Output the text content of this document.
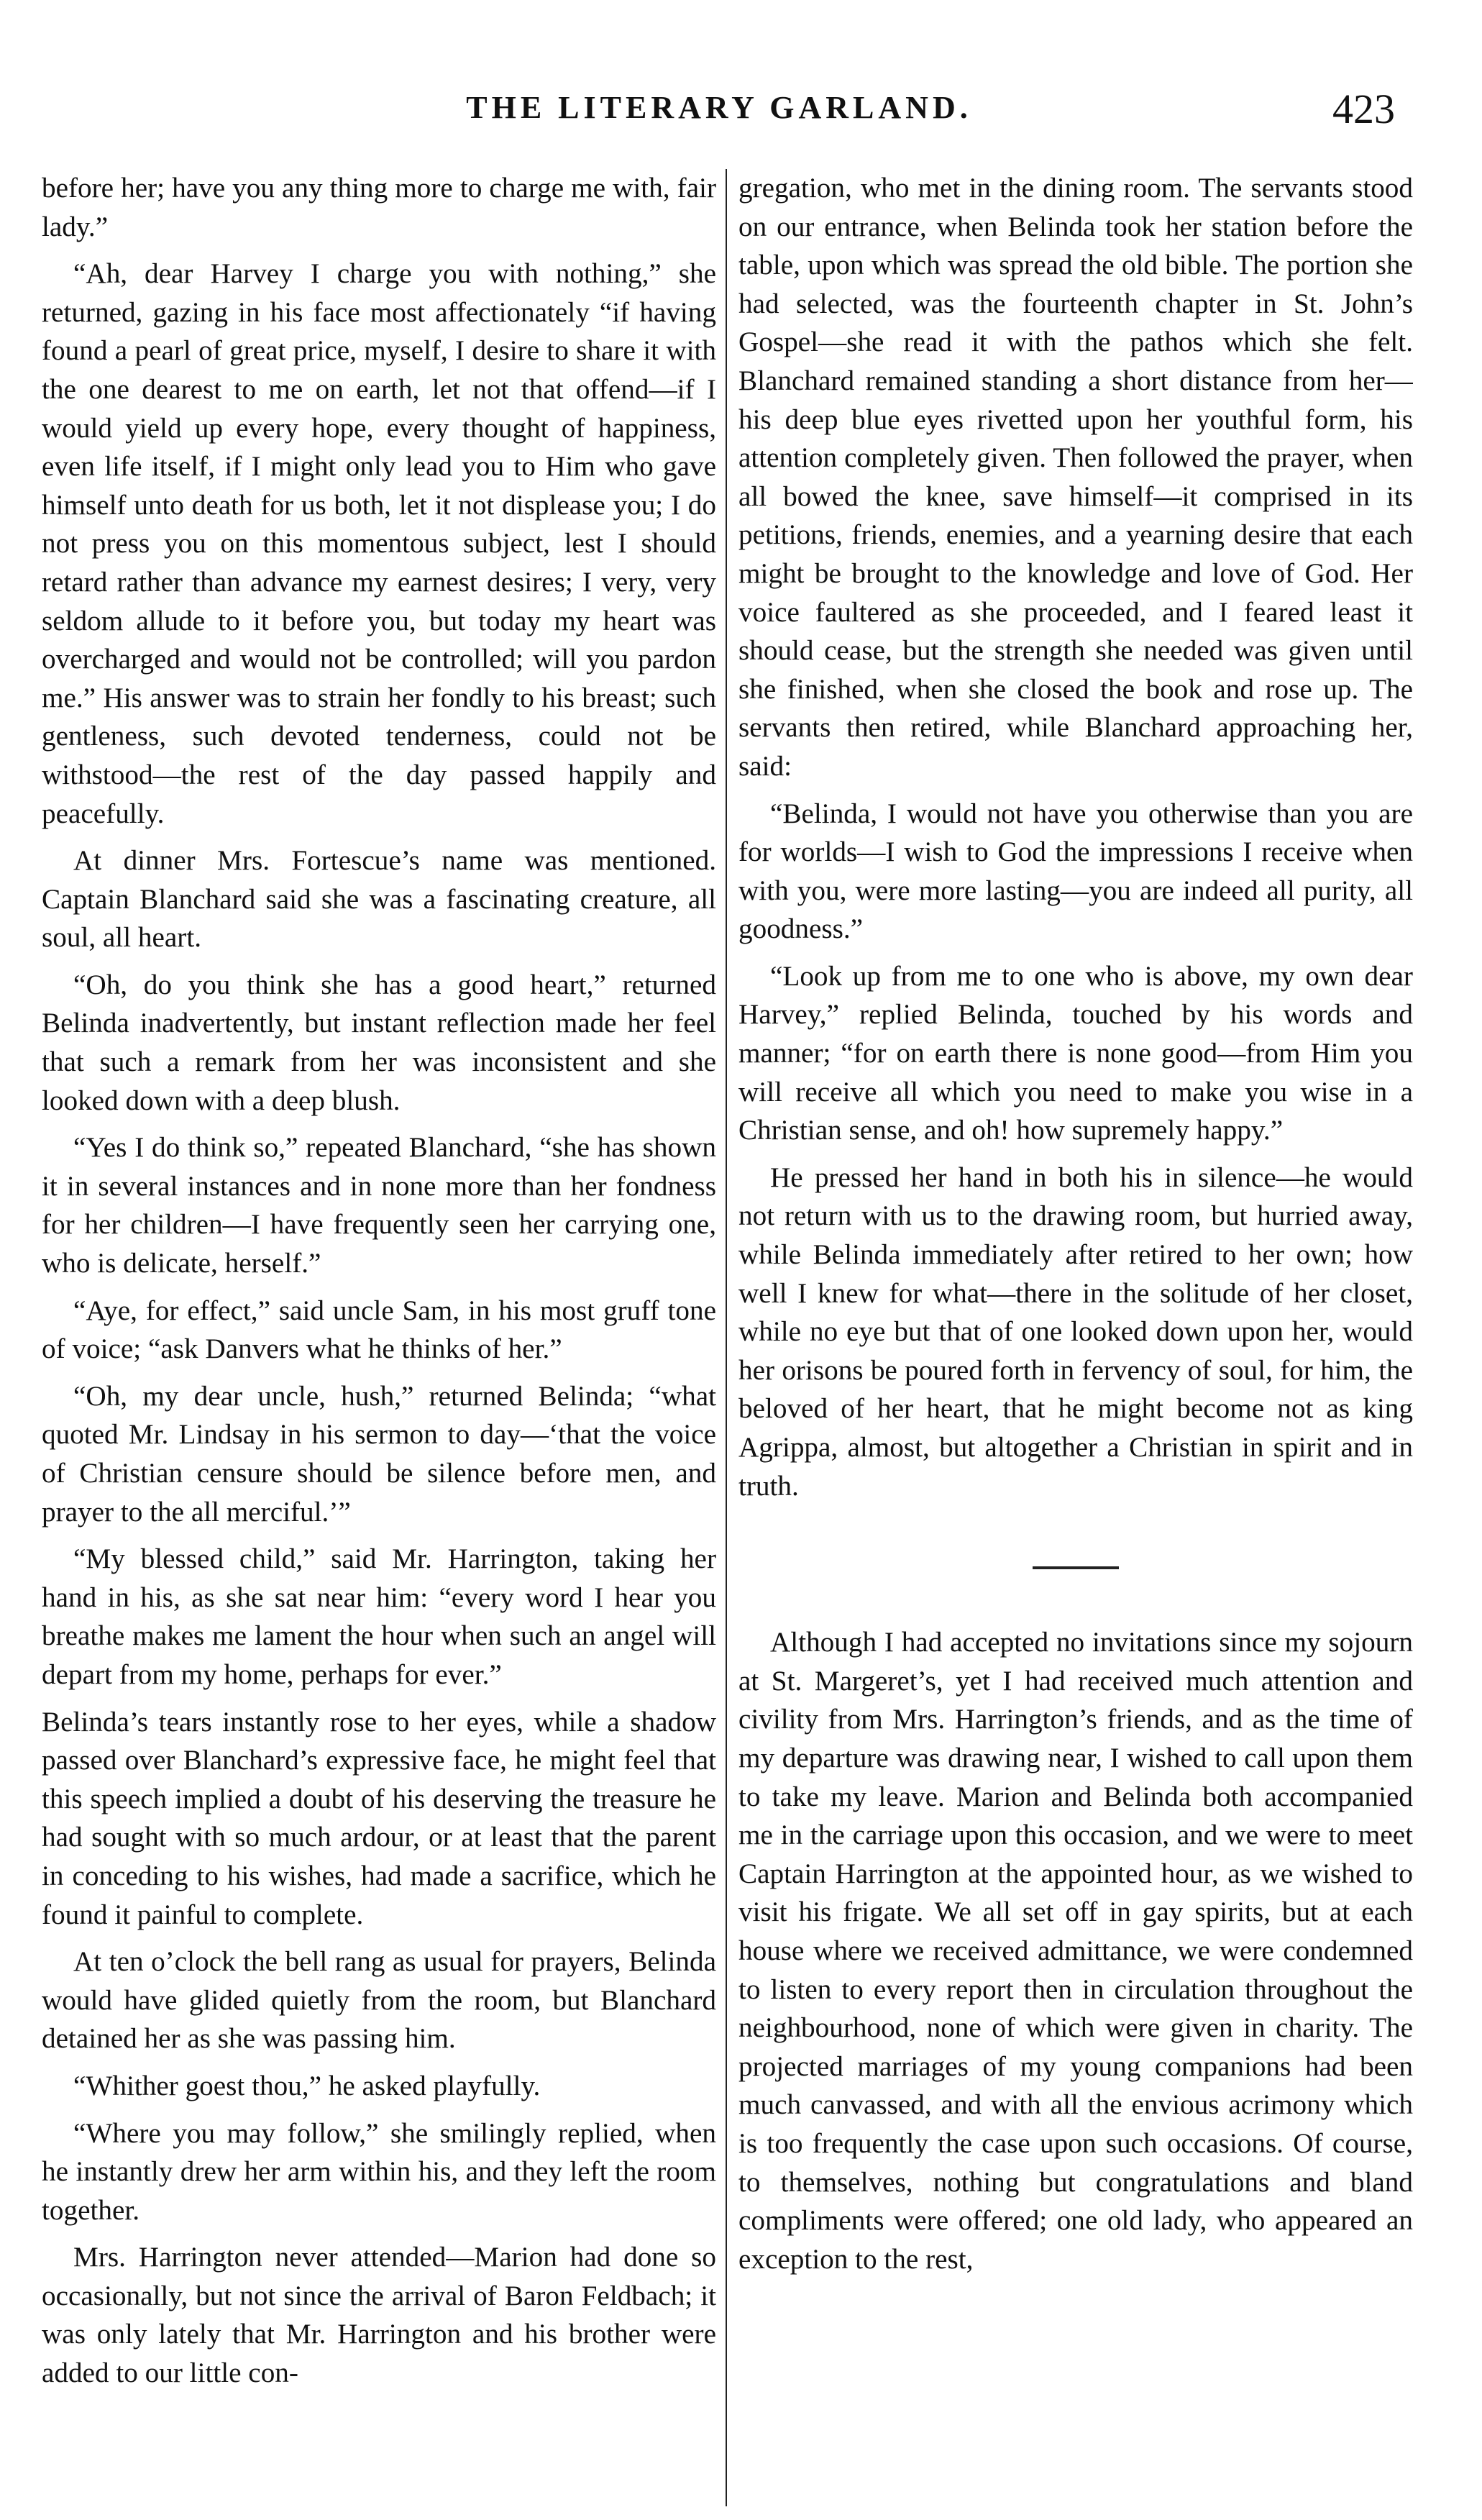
THE LITERARY GARLAND.	423

before her; have you any thing more to charge me with, fair lady.”

“Ah, dear Harvey I charge you with nothing,” she returned, gazing in his face most affectionately “if having found a pearl of great price, myself, I desire to share it with the one dearest to me on earth, let not that offend—if I would yield up every hope, every thought of happiness, even life itself, if I might only lead you to Him who gave himself unto death for us both, let it not displease you; I do not press you on this momentous subject, lest I should retard rather than advance my earnest desires; I very, very seldom allude to it before you, but today my heart was overcharged and would not be controlled; will you pardon me.” His answer was to strain her fondly to his breast; such gentleness, such devoted tenderness, could not be withstood—the rest of the day passed happily and peacefully.

At dinner Mrs. Fortescue’s name was mentioned. Captain Blanchard said she was a fascinating creature, all soul, all heart.

“Oh, do you think she has a good heart,” returned Belinda inadvertently, but instant reflection made her feel that such a remark from her was inconsistent and she looked down with a deep blush.

“Yes I do think so,” repeated Blanchard, “she has shown it in several instances and in none more than her fondness for her children—I have frequently seen her carrying one, who is delicate, herself.”

“Aye, for effect,” said uncle Sam, in his most gruff tone of voice; “ask Danvers what he thinks of her.”

“Oh, my dear uncle, hush,” returned Belinda; “what quoted Mr. Lindsay in his sermon to day—‘that the voice of Christian censure should be silence before men, and prayer to the all merciful.’”

“My blessed child,” said Mr. Harrington, taking her hand in his, as she sat near him: “every word I hear you breathe makes me lament the hour when such an angel will depart from my home, perhaps for ever.”

Belinda’s tears instantly rose to her eyes, while a shadow passed over Blanchard’s expressive face, he might feel that this speech implied a doubt of his deserving the treasure he had sought with so much ardour, or at least that the parent in conceding to his wishes, had made a sacrifice, which he found it painful to complete.

At ten o’clock the bell rang as usual for prayers, Belinda would have glided quietly from the room, but Blanchard detained her as she was passing him.

“Whither goest thou,” he asked playfully.

“Where you may follow,” she smilingly replied, when he instantly drew her arm within his, and they left the room together.

Mrs. Harrington never attended—Marion had done so occasionally, but not since the arrival of Baron Feldbach; it was only lately that Mr. Harrington and his brother were added to our little con-

gregation, who met in the dining room. The servants stood on our entrance, when Belinda took her station before the table, upon which was spread the old bible. The portion she had selected, was the fourteenth chapter in St. John’s Gospel—she read it with the pathos which she felt. Blanchard remained standing a short distance from her—his deep blue eyes rivetted upon her youthful form, his attention completely given. Then followed the prayer, when all bowed the knee, save himself—it comprised in its petitions, friends, enemies, and a yearning desire that each might be brought to the knowledge and love of God. Her voice faultered as she proceeded, and I feared least it should cease, but the strength she needed was given until she finished, when she closed the book and rose up. The servants then retired, while Blanchard approaching her, said:

“Belinda, I would not have you otherwise than you are for worlds—I wish to God the impressions I receive when with you, were more lasting—you are indeed all purity, all goodness.”

“Look up from me to one who is above, my own dear Harvey,” replied Belinda, touched by his words and manner; “for on earth there is none good—from Him you will receive all which you need to make you wise in a Christian sense, and oh! how supremely happy.”

He pressed her hand in both his in silence—he would not return with us to the drawing room, but hurried away, while Belinda immediately after retired to her own; how well I knew for what—there in the solitude of her closet, while no eye but that of one looked down upon her, would her orisons be poured forth in fervency of soul, for him, the beloved of her heart, that he might become not as king Agrippa, almost, but altogether a Christian in spirit and in truth.

Although I had accepted no invitations since my sojourn at St. Margeret’s, yet I had received much attention and civility from Mrs. Harrington’s friends, and as the time of my departure was drawing near, I wished to call upon them to take my leave. Marion and Belinda both accompanied me in the carriage upon this occasion, and we were to meet Captain Harrington at the appointed hour, as we wished to visit his frigate. We all set off in gay spirits, but at each house where we received admittance, we were condemned to listen to every report then in circulation throughout the neighbourhood, none of which were given in charity. The projected marriages of my young companions had been much canvassed, and with all the envious acrimony which is too frequently the case upon such occasions. Of course, to themselves, nothing but congratulations and bland compliments were offered; one old lady, who appeared an exception to the rest,
